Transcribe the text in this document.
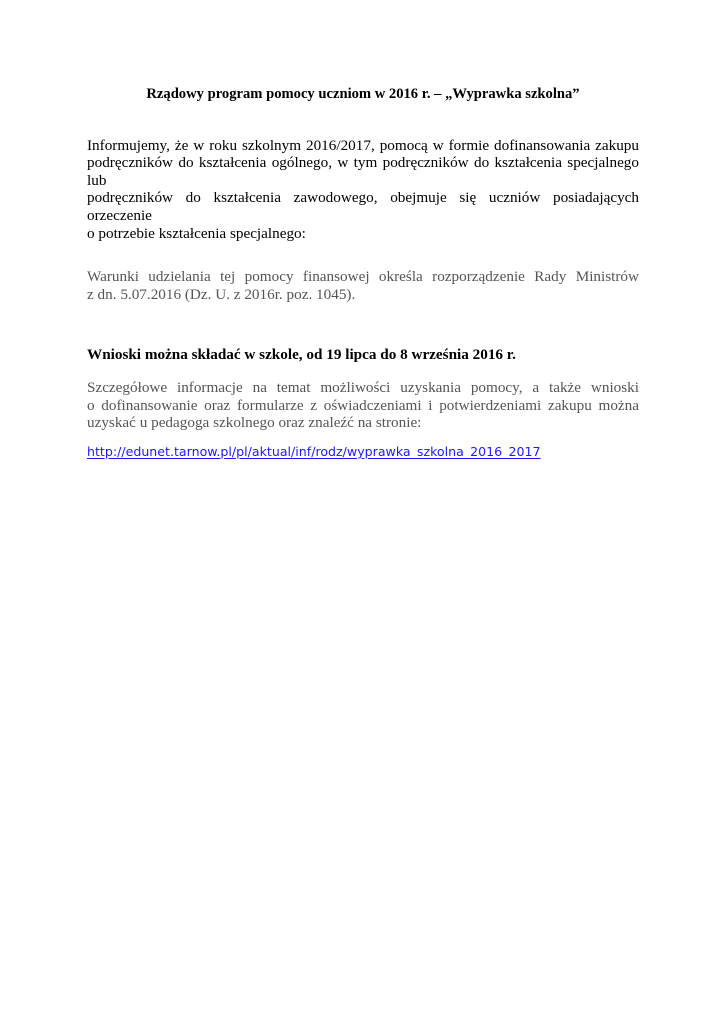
Rządowy program pomocy uczniom w 2016 r. – „Wyprawka szkolna”

Informujemy, że w roku szkolnym 2016/2017, pomocą w formie dofinansowania zakupu
podręczników do kształcenia ogólnego, w tym podręczników do kształcenia specjalnego lub
podręczników do kształcenia zawodowego, obejmuje się uczniów posiadających orzeczenie
o potrzebie kształcenia specjalnego:

Warunki udzielania tej pomocy finansowej określa rozporządzenie Rady Ministrów
z dn. 5.07.2016 (Dz. U. z 2016r. poz. 1045).

Wnioski można składać w szkole, od 19 lipca do 8 września 2016 r.

Szczegółowe informacje na temat możliwości uzyskania pomocy, a także wnioski
o dofinansowanie oraz formularze z oświadczeniami i potwierdzeniami zakupu można
uzyskać u pedagoga szkolnego oraz znaleźć na stronie:

http://edunet.tarnow.pl/pl/aktual/inf/rodz/wyprawka_szkolna_2016_2017
